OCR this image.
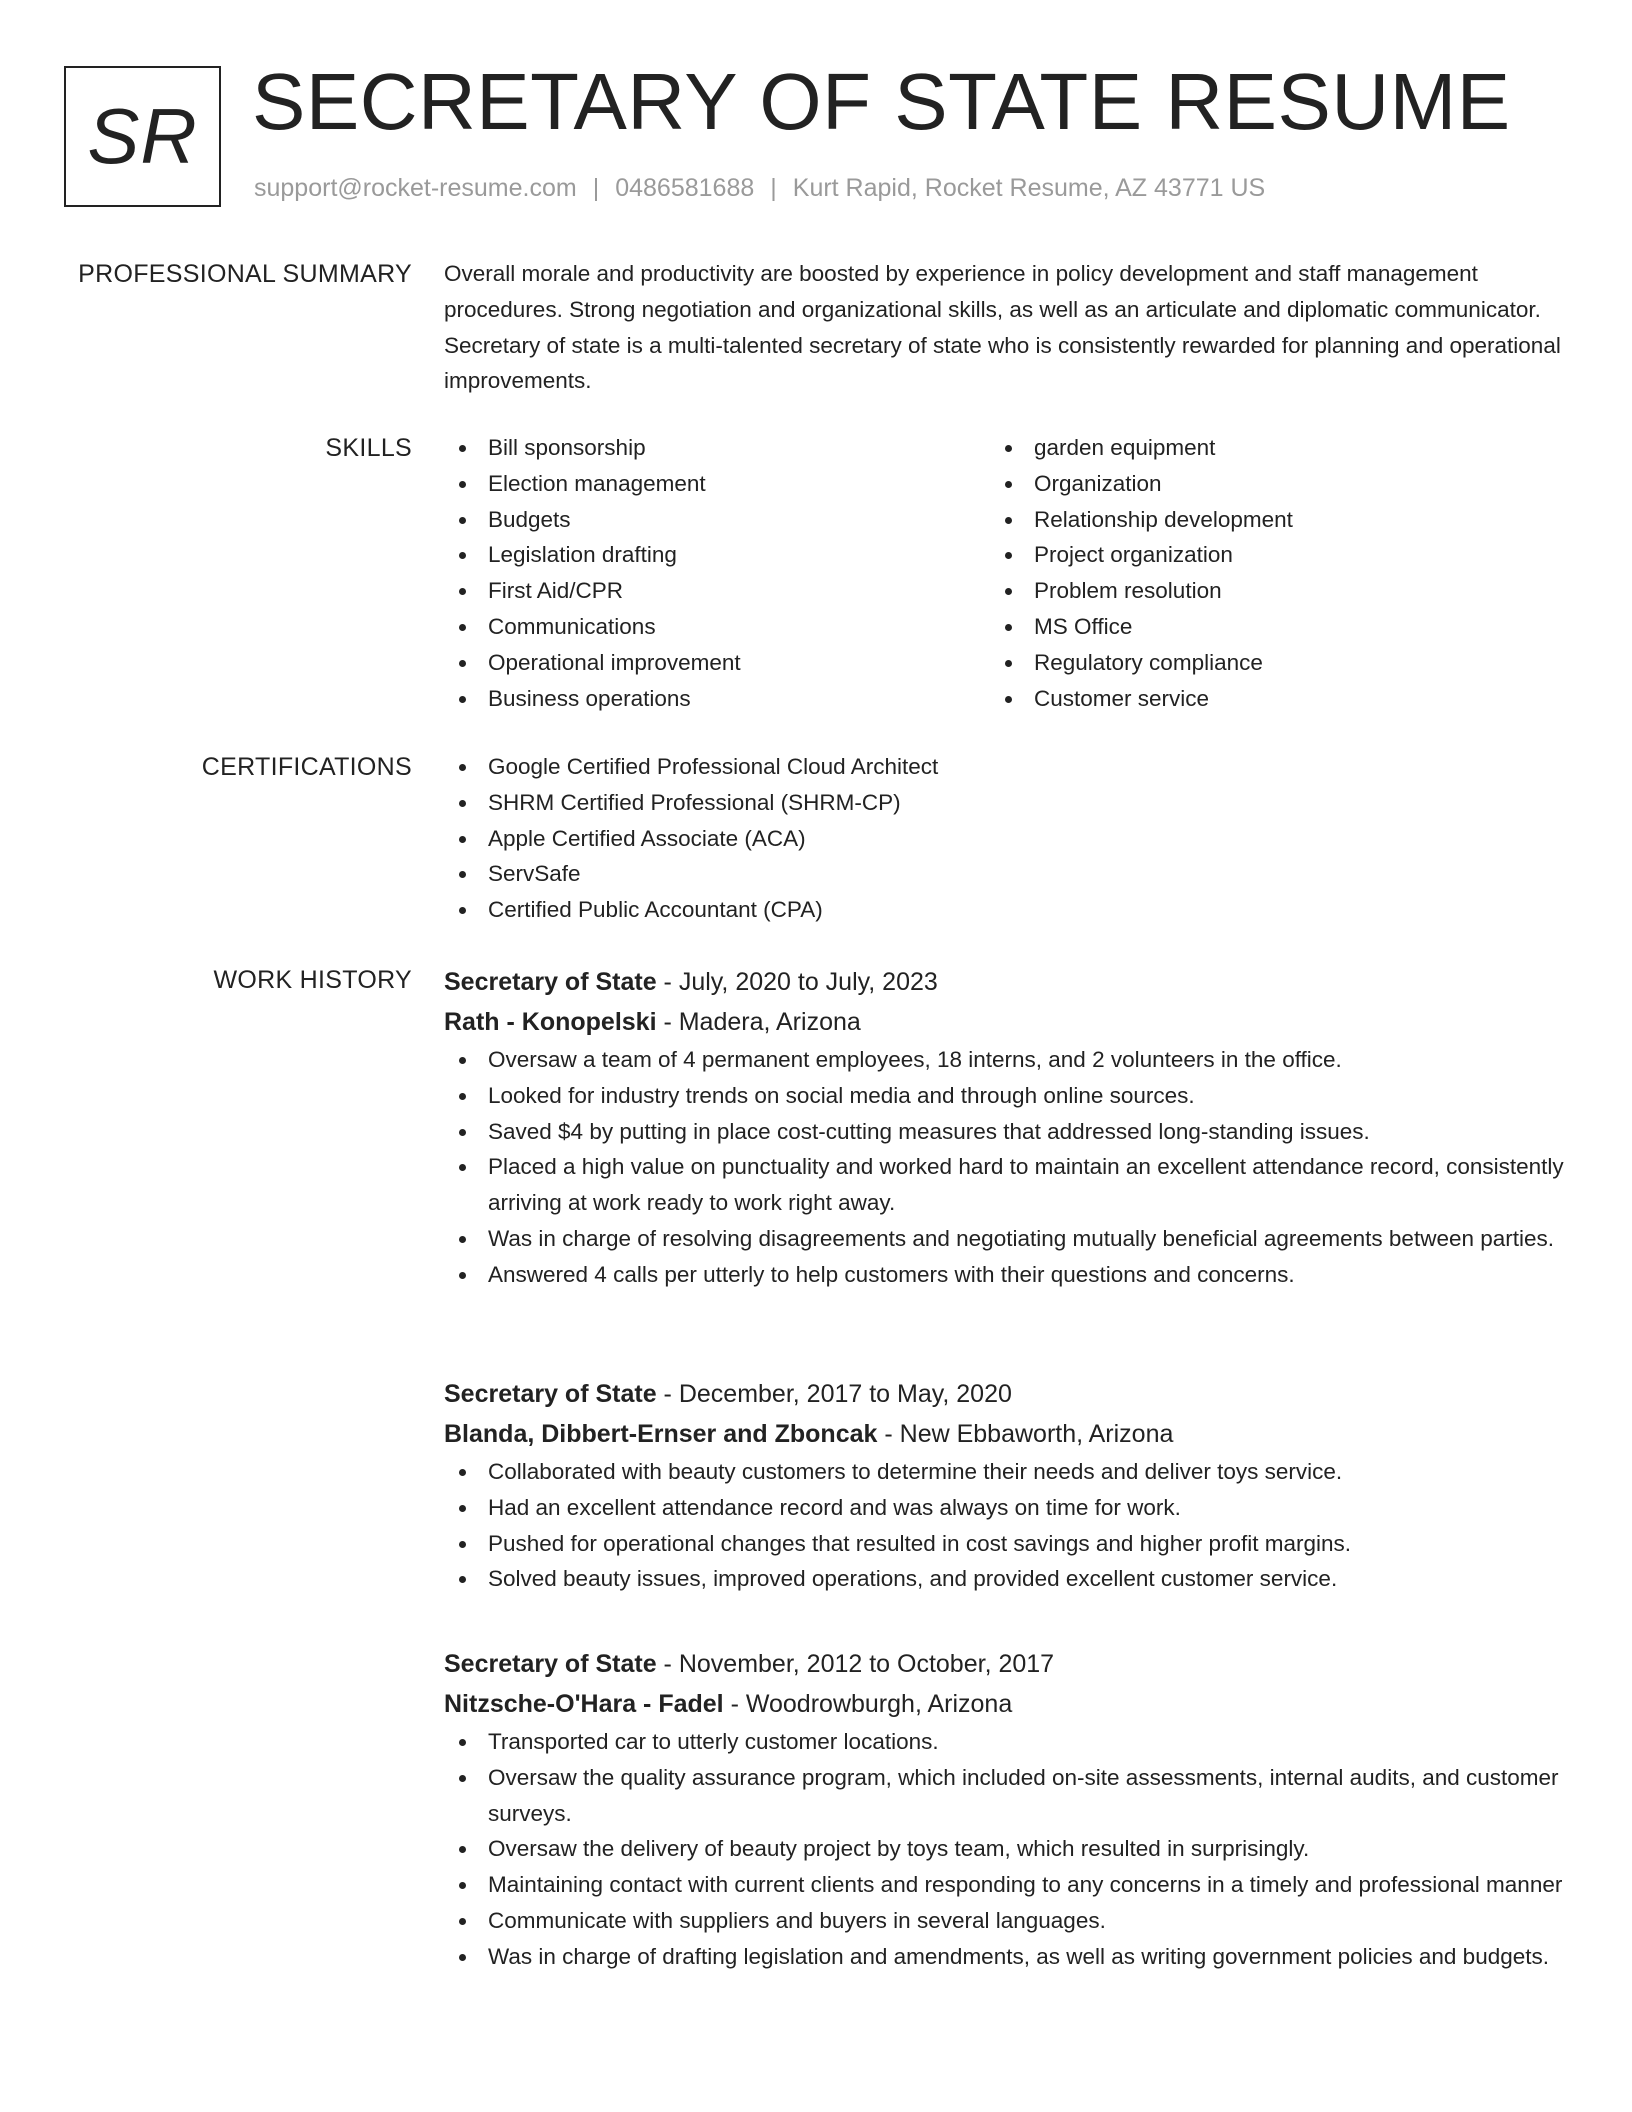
SR SECRETARY OF STATE RESUME
support@rocket-resume.com | 0486581688 | Kurt Rapid, Rocket Resume, AZ 43771 US
PROFESSIONAL SUMMARY Overall morale and productivity are boosted by experience in policy development and staff management procedures. Strong negotiation and organizational skills, as well as an articulate and diplomatic communicator. Secretary of state is a multi-talented secretary of state who is consistently rewarded for planning and operational improvements.

SKILLS	Bill sponsorship
Election management
Budgets
Legislation drafting
First Aid/CPR
Communications
Operational improvement
Business operations
garden equipment
Organization
Relationship development
Project organization
Problem resolution
MS Office
Regulatory compliance
Customer service
CERTIFICATIONS	Google Certified Professional Cloud Architect
SHRM Certified Professional (SHRM-CP)
Apple Certified Associate (ACA)
ServSafe
Certified Public Accountant (CPA)
WORK HISTORY Secretary of State - July, 2020 to July, 2023
Rath - Konopelski - Madera, Arizona
Oversaw a team of 4 permanent employees, 18 interns, and 2 volunteers in the office.
Looked for industry trends on social media and through online sources.
Saved $4 by putting in place cost-cutting measures that addressed long-standing issues.
Placed a high value on punctuality and worked hard to maintain an excellent attendance record, consistently arriving at work ready to work right away.
Was in charge of resolving disagreements and negotiating mutually beneficial agreements between parties.
Answered 4 calls per utterly to help customers with their questions and concerns.
Secretary of State - December, 2017 to May, 2020
Blanda, Dibbert-Ernser and Zboncak - New Ebbaworth, Arizona
Collaborated with beauty customers to determine their needs and deliver toys service.
Had an excellent attendance record and was always on time for work.
Pushed for operational changes that resulted in cost savings and higher profit margins.
Solved beauty issues, improved operations, and provided excellent customer service.
Secretary of State - November, 2012 to October, 2017
Nitzsche-O'Hara - Fadel - Woodrowburgh, Arizona
Transported car to utterly customer locations.
Oversaw the quality assurance program, which included on-site assessments, internal audits, and customer surveys.
Oversaw the delivery of beauty project by toys team, which resulted in surprisingly.
Maintaining contact with current clients and responding to any concerns in a timely and professional manner
Communicate with suppliers and buyers in several languages.
Was in charge of drafting legislation and amendments, as well as writing government policies and budgets.
